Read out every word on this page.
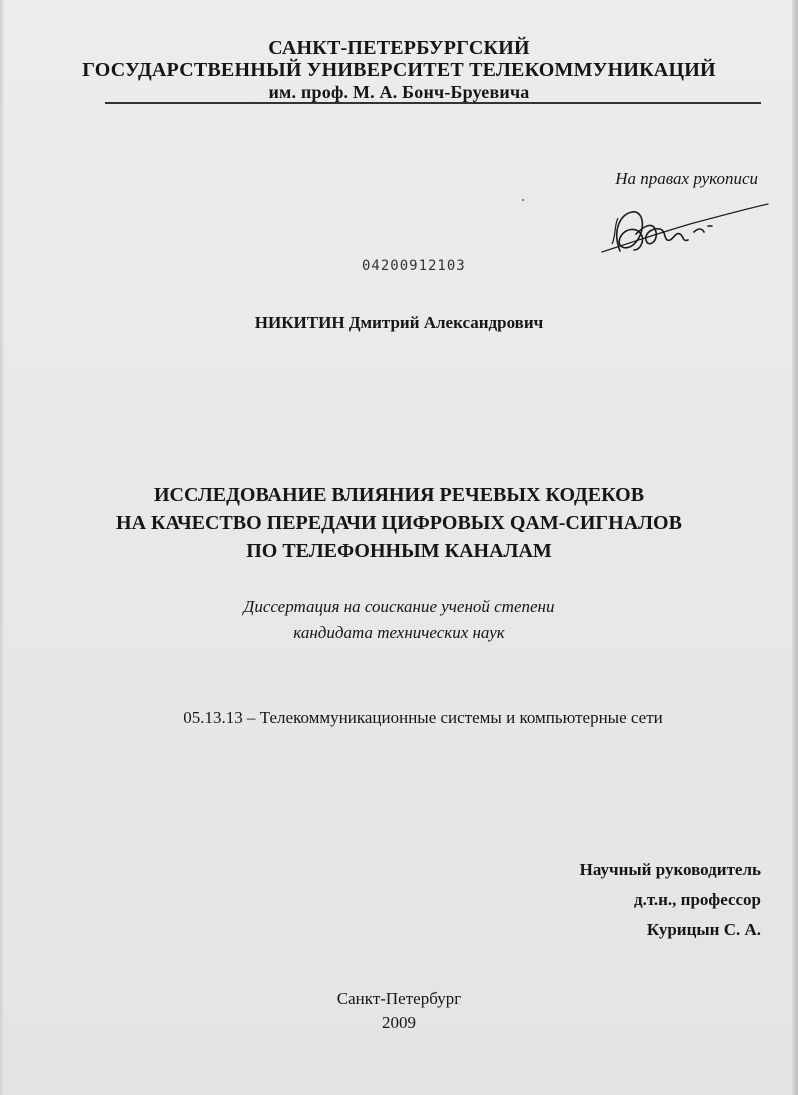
САНКТ-ПЕТЕРБУРГСКИЙ
ГОСУДАРСТВЕННЫЙ УНИВЕРСИТЕТ ТЕЛЕКОММУНИКАЦИЙ
им. проф. М. А. Бонч-Бруевича
На правах рукописи
04200912103
НИКИТИН Дмитрий Александрович
ИССЛЕДОВАНИЕ ВЛИЯНИЯ РЕЧЕВЫХ КОДЕКОВ
НА КАЧЕСТВО ПЕРЕДАЧИ ЦИФРОВЫХ QAM-СИГНАЛОВ
ПО ТЕЛЕФОННЫМ КАНАЛАМ
Диссертация на соискание ученой степени
кандидата технических наук
05.13.13 – Телекоммуникационные системы и компьютерные сети
Научный руководитель
д.т.н., профессор
Курицын С. А.
Санкт-Петербург
2009
